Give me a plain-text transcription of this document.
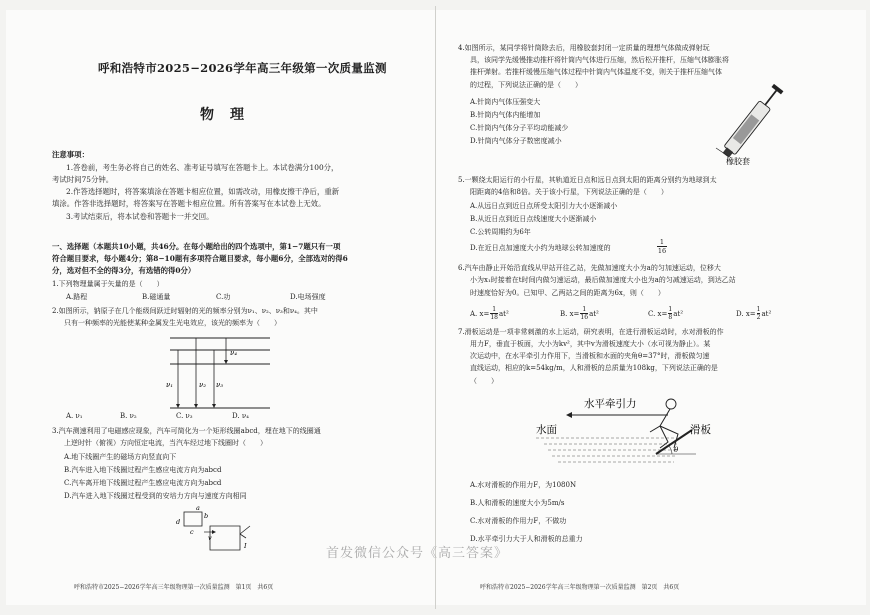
呼和浩特市2025−2026学年高三年级第一次质量监测
物理
注意事项：
1.答卷前，考生务必将自己的姓名、准考证号填写在答题卡上。本试卷满分100分，
考试时间75分钟。
2.作答选择题时，将答案填涂在答题卡相应位置，如需改动，用橡皮擦干净后，重新
填涂。作答非选择题时，将答案写在答题卡相应位置。所有答案写在本试卷上无效。
3.考试结束后，将本试卷和答题卡一并交回。
一、选择题（本题共10小题，共46分。在每小题给出的四个选项中，第1−7题只有一项
符合题目要求，每小题4分；第8−10题有多项符合题目要求，每小题6分，全部选对的得6
分，选对但不全的得3分，有选错的得0分）
1.下列物理量属于矢量的是（　　）
A.路程	B.磁通量	C.功	D.电场强度
2.如图所示，钠原子在几个能级间跃迁时辐射的光的频率分别为ν₁、ν₂、ν₃和ν₄。其中
只有一种频率的光能使某种金属发生光电效应，该光的频率为（　　）
ν₄
ν₁	ν₂ ν₃
A. ν₁	B. ν₂	C. ν₃	D. ν₄
3.汽车测速利用了电磁感应现象，汽车可简化为一个矩形线圈abcd，埋在地下的线圈通
上逆时针（俯视）方向恒定电流，当汽车经过地下线圈时（　　）
A.地下线圈产生的磁场方向竖直向下
B.汽车进入地下线圈过程产生感应电流方向为abcd
C.汽车离开地下线圈过程产生感应电流方向为abcd
D.汽车进入地下线圈过程受到的安培力方向与速度方向相同
a
b
c
d
v
I
呼和浩特市2025−2026学年高三年级物理第一次质量监测　第1页　共6页
4.如图所示，某同学将针筒除去后，用橡胶套封闭一定质量的理想气体做成弹射玩
具，该同学先缓慢推动推杆将针筒内气体进行压缩，然后松开推杆，压缩气体膨胀将
推杆弹射。若推杆缓慢压缩气体过程中针筒内气体温度不变，则关于推杆压缩气体
的过程，下列说法正确的是（　　）
A.针筒内气体压强变大
B.针筒内气体内能增加
C.针筒内气体分子平均动能减少
D.针筒内气体分子数密度减小
橡胶套
5.一颗绕太阳运行的小行星，其轨道近日点和远日点到太阳的距离分别约为地球到太
阳距离的4倍和8倍。关于该小行星，下列说法正确的是（　　）
A.从远日点到近日点所受太阳引力大小逐渐减小
B.从近日点到近日点线速度大小逐渐减小
C.公转周期约为6年
D.在近日点加速度大小约为地球公转加速度的	$\frac{1}{16}$
6.汽车由静止开始沿直线从甲站开往乙站，先做加速度大小为a的匀加速运动，位移大
小为x₁时接着在t时间内做匀速运动，最后做加速度大小也为a的匀减速运动，到达乙站
时速度恰好为0。已知甲、乙两站之间的距离为6x，则（　　）
A. $x= \frac{1}{18} at^2$	B. $x= \frac{1}{16} at^2$	C. $x= \frac{1}{8} at^2$	D. $x= \frac{1}{2} at^2$
7.滑板运动是一项非常刺激的水上运动，研究表明，在进行滑板运动时，水对滑板的作
用力F，垂直于板面，大小为kv²，其中v为滑板速度大小（水可视为静止）。某
次运动中，在水平牵引力作用下，当滑板和水面的夹角θ=37°时，滑板做匀速
直线运动，相应的k=54kg/m，人和滑板的总质量为108kg，下列说法正确的是
（　　）
水平牵引力
水面
θ
滑板
A.水对滑板的作用力F，为1080N
B.人和滑板的速度大小为5m/s
C.水对滑板的作用力F，不做功
D.水平牵引力大于人和滑板的总重力
呼和浩特市2025−2026学年高三年级物理第一次质量监测　第2页　共6页
首发微信公众号《高三答案》
